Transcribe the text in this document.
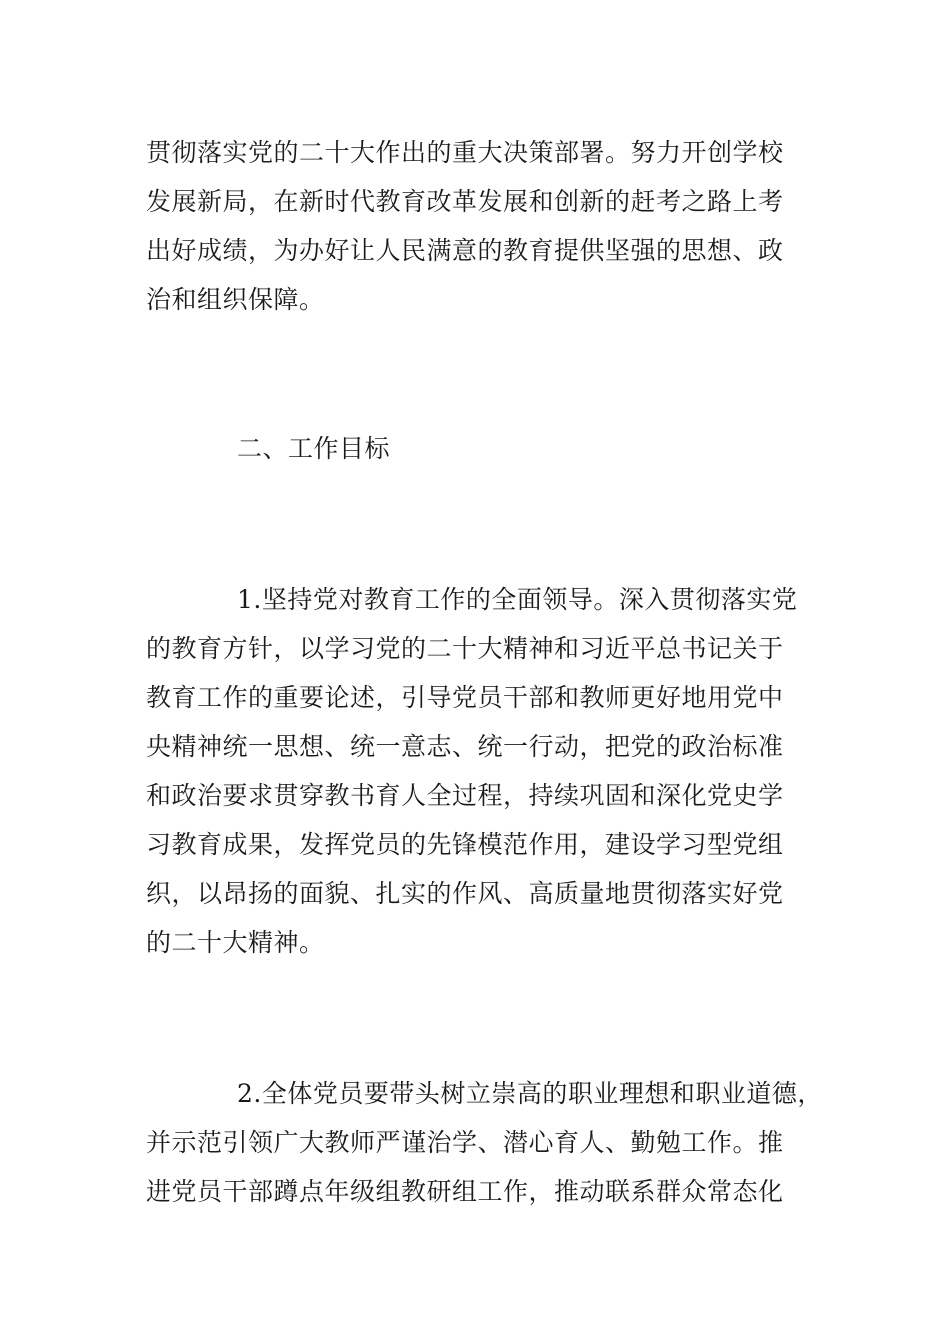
贯彻落实党的二十大作出的重大决策部署。努力开创学校
发展新局，在新时代教育改革发展和创新的赶考之路上考
出好成绩，为办好让人民满意的教育提供坚强的思想、政
治和组织保障。
二、工作目标
1.坚持党对教育工作的全面领导。深入贯彻落实党
的教育方针，以学习党的二十大精神和习近平总书记关于
教育工作的重要论述，引导党员干部和教师更好地用党中
央精神统一思想、统一意志、统一行动，把党的政治标准
和政治要求贯穿教书育人全过程，持续巩固和深化党史学
习教育成果，发挥党员的先锋模范作用，建设学习型党组
织，以昂扬的面貌、扎实的作风、高质量地贯彻落实好党
的二十大精神。
2.全体党员要带头树立崇高的职业理想和职业道德，
并示范引领广大教师严谨治学、潜心育人、勤勉工作。推
进党员干部蹲点年级组教研组工作，推动联系群众常态化
